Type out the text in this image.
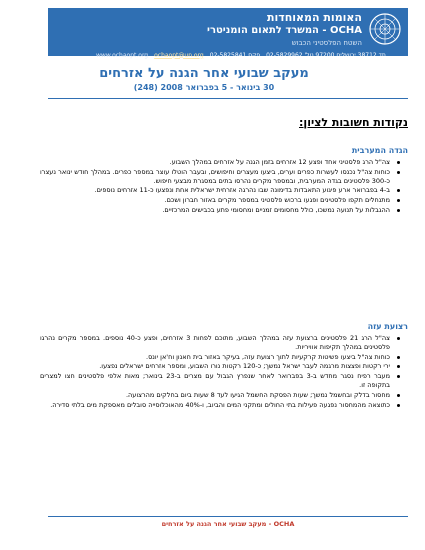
האומות המאוחדות
OCHA - המשרד לתאום הומניטרי
השטח הפלסטיני הכבוש
www.ochaopt.org ochaopt@un.org פקס 02-5825841 תד 38712 ירושלים 97200 טל' 02-5829962
מעקב שבועי אחר הגנה על אזרחים
30 בינואר - 5 בפברואר 2008 (248)
נקודות חשובות לציון:
הגדה המערבית
צה"ל הרג פלסטיני אחד ופצע 12 אזרחים בזמן הגנה על אזרחים במהלך השבוע.
כוחות צה"ל נכנסו לעשרות כפרים וערים, ביצעו מעצרים וחיפושים, ובעבר הוטלו עוצר במספר כפרים. במהלך חודש ינואר נעצרו כ-300 פלסטינים בגדה המערבית, ובמספר מקרים נהרסו בתים במסגרת מבצעי חיפוש.
ב-4 בפברואר ארע פיגוע התאבדות בדימונה שבו נהרגה אזרחית ישראלית אחת ונפצעו כ-11 אזרחים נוספים.
מתנחלים תקפו פלסטינים ופגעו ברכוש פלסטיני במספר מקרים באזור חברון ושכם.
ההגבלות על תנועה נמשכו, כולל מחסומים זמניים ומחסומי פתע בכבישים המרכזיים.
רצועת עזה
צה"ל הרג 21 פלסטינים ברצועת עזה במהלך השבוע, מתוכם לפחות 3 אזרחים, ופצע כ-40 נוספים. במספר מקרים נהרגו פלסטינים במהלך תקיפות אוויריות.
כוחות צה"ל ביצעו פשיטות קרקעיות לתוך רצועת עזה, בעיקר באזור בית חאנון וח'אן יונס.
ירי רקטות ופצצות מרגמה לעבר ישראל נמשך; כ-120 רקטות נורו השבוע, ומספר אזרחים ישראלים נפצעו.
מעבר רפיח נסגר מחדש ב-3 בפברואר לאחר שנפרץ הגבול עם מצרים ב-23 בינואר; מאות אלפי פלסטינים חצו למצרים בתקופה זו.
מחסור בדלק ובחשמל נמשך; שעות הפסקת החשמל הגיעו לעד 8 שעות ביום בחלקים מהרצועה.
כתוצאה מהמחסור נפגעה פעילות בתי החולים ומתקני המים והביוב, ו-40% מהאוכלוסייה סובלים מאספקת מים בלתי סדירה.
OCHA - מעקב שבועי אחר הגנה על אזרחים
